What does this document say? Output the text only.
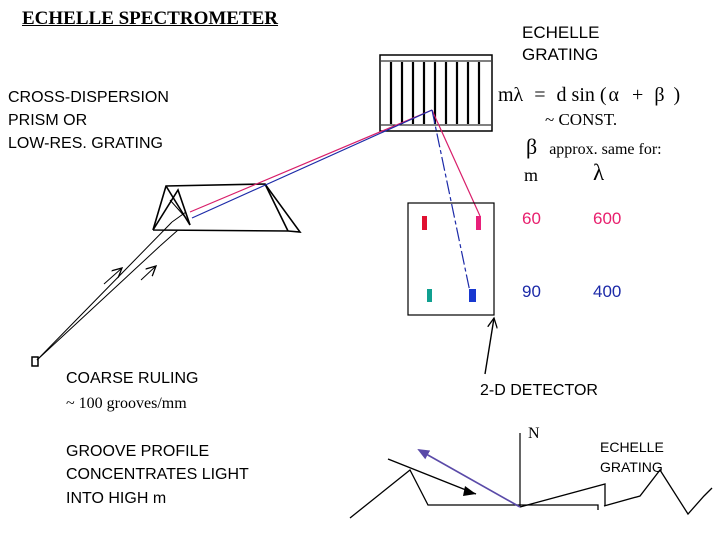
ECHELLE SPECTROMETER
ECHELLE
GRATING
CROSS-DISPERSION
PRISM OR
LOW-RES. GRATING
mλ = d sin ( α + β )
~ CONST.
β approx. same for:
m λ
60	600
90	400
COARSE RULING
~ 100 grooves/mm
GROOVE PROFILE
CONCENTRATES LIGHT
INTO HIGH m
2-D DETECTOR
N
ECHELLE
GRATING
